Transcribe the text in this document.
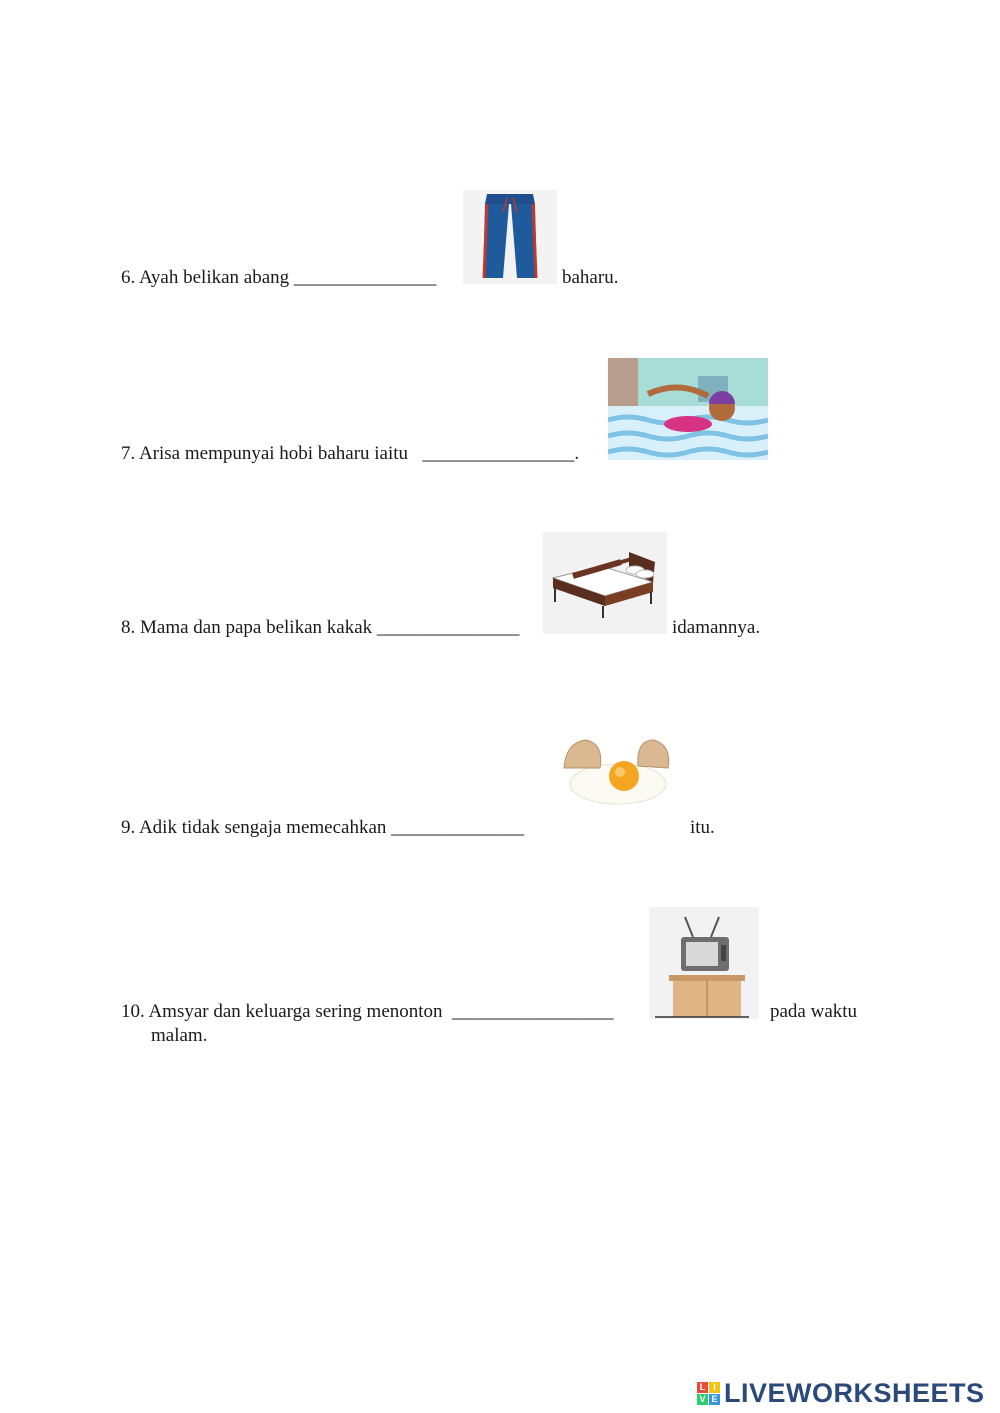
6. Ayah belikan abang _______________	baharu.
7. Arisa mempunyai hobi baharu iaitu ________________.
8. Mama dan papa belikan kakak _______________	idamannya.
9. Adik tidak sengaja memecahkan ______________	itu.
10. Amsyar dan keluarga sering menonton _________________	pada waktu
malam.
L I
V E LIVEWORKSHEETS
